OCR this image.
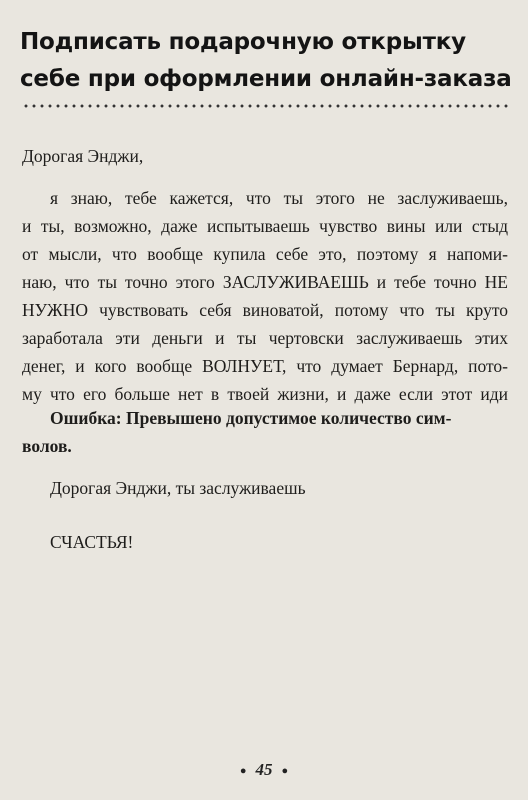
Подписать подарочную открытку
себе при оформлении онлайн-заказа
Дорогая Энджи,
я знаю, тебе кажется, что ты этого не заслуживаешь,
и ты, возможно, даже испытываешь чувство вины или стыд
от мысли, что вообще купила себе это, поэтому я напоми-
наю, что ты точно этого ЗАСЛУЖИВАЕШЬ и тебе точно НЕ
НУЖНО чувствовать себя виноватой, потому что ты круто
заработала эти деньги и ты чертовски заслуживаешь этих
денег, и кого вообще ВОЛНУЕТ, что думает Бернард, пото-
му что его больше нет в твоей жизни, и даже если этот иди
Ошибка: Превышено допустимое количество сим-
волов.
Дорогая Энджи, ты заслуживаешь
СЧАСТЬЯ!
● 45 ●
